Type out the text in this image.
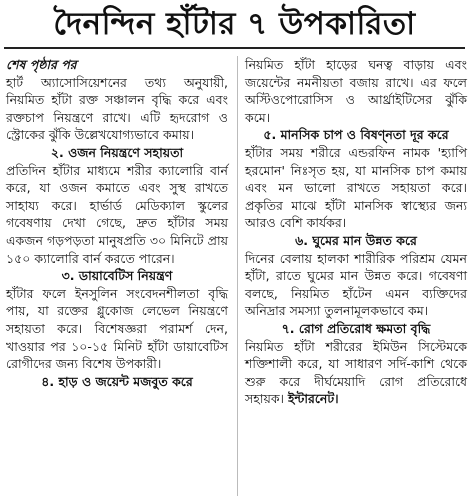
দৈনন্দিন হাঁটার ৭ উপকারিতা

শেষ পৃষ্ঠার পর

হার্ট অ্যাসোসিয়েশনের তথ্য অনুযায়ী, নিয়মিত হাঁটা রক্ত সঞ্চালন বৃদ্ধি করে এবং রক্তচাপ নিয়ন্ত্রণে রাখে। এটি হৃদরোগ ও স্ট্রোকের ঝুঁকি উল্লেখযোগ্যভাবে কমায়।

২. ওজন নিয়ন্ত্রণে সহায়তা

প্রতিদিন হাঁটার মাধ্যমে শরীর ক্যালোরি বার্ন করে, যা ওজন কমাতে এবং সুস্থ রাখতে সাহায্য করে। হার্ভার্ড মেডিক্যাল স্কুলের গবেষণায় দেখা গেছে, দ্রুত হাঁটার সময় একজন গড়পড়তা মানুষপ্রতি ৩০ মিনিটে প্রায় ১৫০ ক্যালোরি বার্ন করতে পারেন।

৩. ডায়াবেটিস নিয়ন্ত্রণ

হাঁটার ফলে ইনসুলিন সংবেদনশীলতা বৃদ্ধি পায়, যা রক্তের গ্লুকোজ লেভেল নিয়ন্ত্রণে সহায়তা করে। বিশেষজ্ঞরা পরামর্শ দেন, খাওয়ার পর ১০-১৫ মিনিট হাঁটা ডায়াবেটিস রোগীদের জন্য বিশেষ উপকারী।

৪. হাড় ও জয়েন্ট মজবুত করে

নিয়মিত হাঁটা হাড়ের ঘনত্ব বাড়ায় এবং জয়েন্টের নমনীয়তা বজায় রাখে। এর ফলে অস্টিওপোরোসিস ও আর্থ্রাইটিসের ঝুঁকি কমে।

৫. মানসিক চাপ ও বিষণ্নতা দূর করে

হাঁটার সময় শরীরে এন্ডরফিন নামক 'হ্যাপি হরমোন' নিঃসৃত হয়, যা মানসিক চাপ কমায় এবং মন ভালো রাখতে সহায়তা করে। প্রকৃতির মাঝে হাঁটা মানসিক স্বাস্থ্যের জন্য আরও বেশি কার্যকর।

৬. ঘুমের মান উন্নত করে

দিনের বেলায় হালকা শারীরিক পরিশ্রম যেমন হাঁটা, রাতে ঘুমের মান উন্নত করে। গবেষণা বলছে, নিয়মিত হাঁটেন এমন ব্যক্তিদের অনিদ্রার সমস্যা তুলনামূলকভাবে কম।

৭. রোগ প্রতিরোধ ক্ষমতা বৃদ্ধি

নিয়মিত হাঁটা শরীরের ইমিউন সিস্টেমকে শক্তিশালী করে, যা সাধারণ সর্দি-কাশি থেকে শুরু করে দীর্ঘমেয়াদি রোগ প্রতিরোধে সহায়ক। ইন্টারনেট।
